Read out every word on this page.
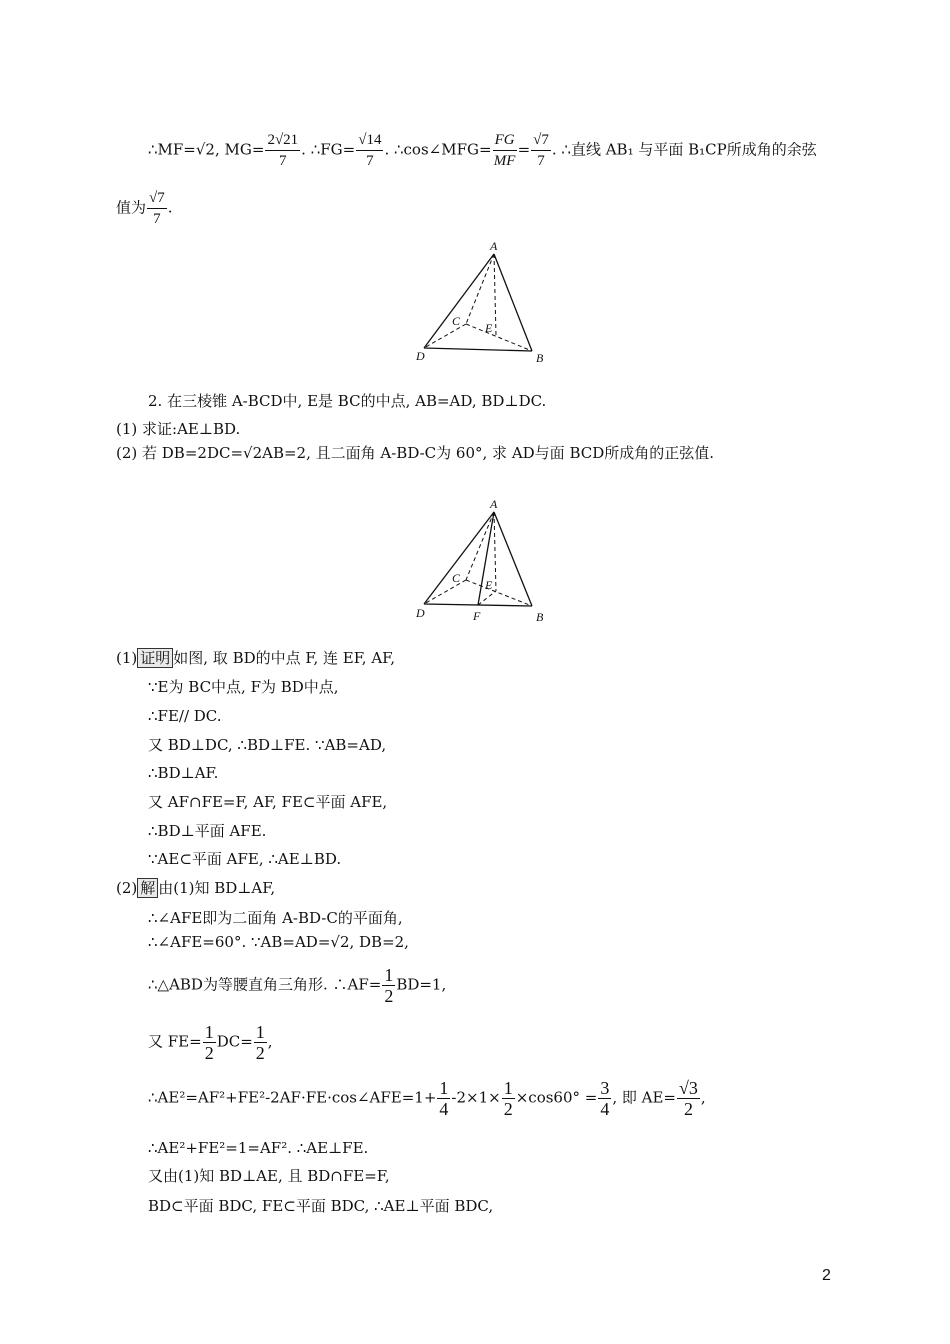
∴MF=√2, $MG= \frac{2√21}{7}$ . ∴FG= $\frac{√14}{7}$ . ∴cos∠MFG= $\frac{FG}{MF} = \frac{√7}{7}$ . ∴直线 AB₁ 与平面 B₁CP所成角的余弦
值为 $\frac{√7}{7}$ .
A
B
C
D
E
2. 在三棱锥 A-BCD中, E是 BC的中点, AB=AD, BD⊥DC.
(1) 求证:AE⊥BD.
(2) 若 DB=2DC=√2AB=2, 且二面角 A-BD-C为 60°, 求 AD与面 BCD所成角的正弦值.
A
B
C
D
E
F
(1) 证明 如图, 取 BD的中点 F, 连 EF, AF,
∵E为 BC中点, F为 BD中点,
∴FE// DC.
又 BD⊥DC, ∴BD⊥FE. ∵AB=AD,
∴BD⊥AF.
又 AF∩FE=F, AF, FE⊂平面 AFE,
∴BD⊥平面 AFE.
∵AE⊂平面 AFE, ∴AE⊥BD.
(2) 解 由(1)知 BD⊥AF,
∴∠AFE即为二面角 A-BD-C的平面角,
∴∠AFE=60°. ∵AB=AD=√2, DB=2,
∴△ABD为等腰直角三角形. ∴AF= $\frac{1}{2} BD=1$,
又 $FE= \frac{1}{2} DC= \frac{1}{2}$ ,
∴AE²=AF²+FE²-2AF·FE·cos∠AFE=1+ $\frac{1}{4} -2\times 1\times \frac{1}{2} \times\cos 60^\circ = \frac{3}{4}$ , 即 $AE= \frac{√3}{2}$ ,
∴AE²+FE²=1=AF². ∴AE⊥FE.
又由(1)知 BD⊥AE, 且 BD∩FE=F,
BD⊂平面 BDC, FE⊂平面 BDC, ∴AE⊥平面 BDC,
2
